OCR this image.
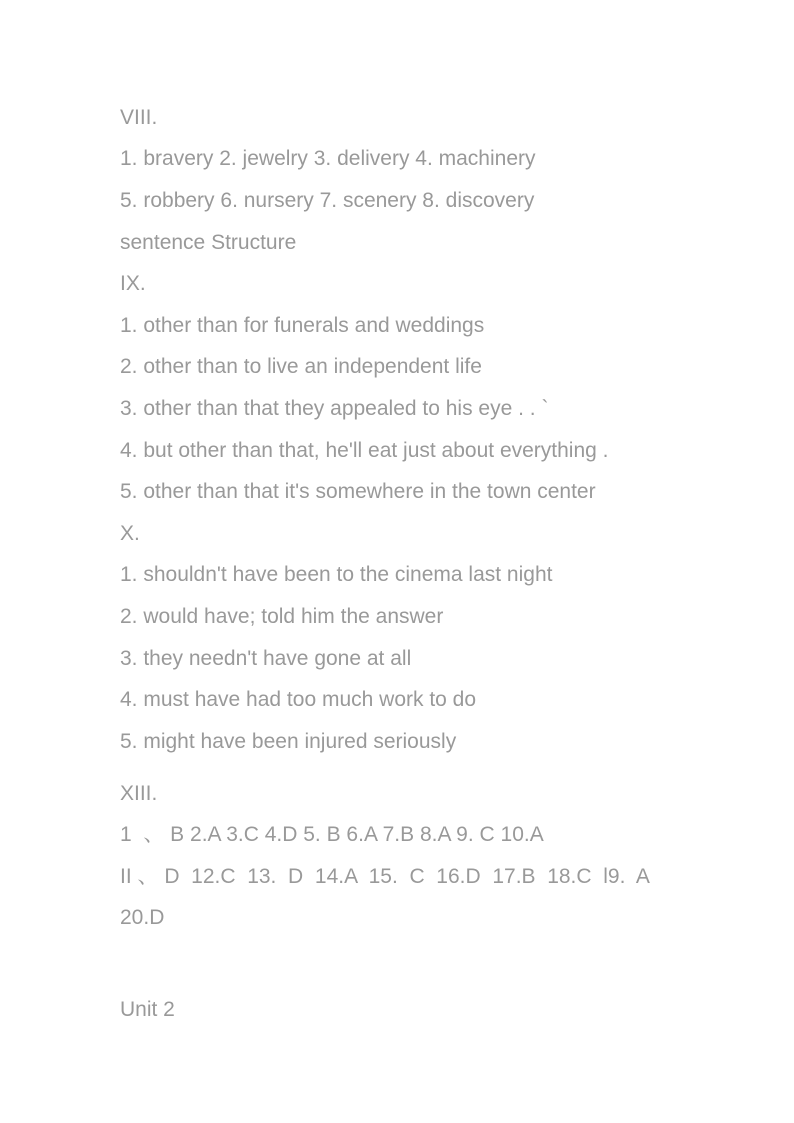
VIII.
1. bravery 2. jewelry 3. delivery 4. machinery
5. robbery 6. nursery 7. scenery 8. discovery
sentence Structure
IX.
1. other than for funerals and weddings
2. other than to live an independent life
3. other than that they appealed to his eye . . `
4. but other than that, he'll eat just about everything .
5. other than that it's somewhere in the town center
X.
1. shouldn't have been to the cinema last night
2. would have; told him the answer
3. they needn't have gone at all
4. must have had too much work to do
5. might have been injured seriously
XIII.
1  、 B 2.A 3.C 4.D 5. B 6.A 7.B 8.A 9. C 10.A
II 、 D  12.C  13.  D  14.A  15.  C  16.D  17.B  18.C  l9.  A
20.D
Unit 2
